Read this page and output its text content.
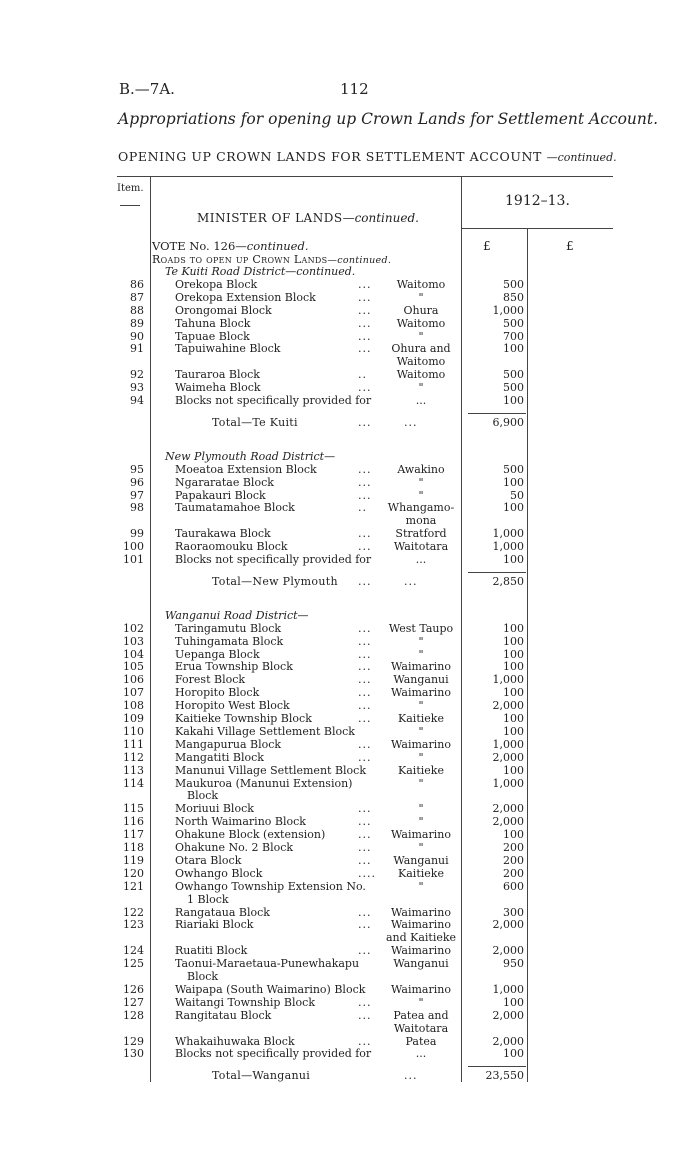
B.—7A.	112
Appropriations for opening up Crown Lands for Settlement Account.
OPENING UP CROWN LANDS FOR SETTLEMENT ACCOUNT —continued.
Item.
1912–13.
MINISTER OF LANDS—continued.
VOTE No. 126—continued.
Roads to open up Crown Lands—continued.
£	£
Te Kuiti Road District—continued.
86	Orekopa Block	...	Waitomo	500
87	Orekopa Extension Block	...	"	850
88	Orongomai Block	...	Ohura	1,000
89	Tahuna Block	...	Waitomo	500
90	Tapuae Block	...	"	700
91	Tapuiwahine Block	...	Ohura and	100
Waitomo
92	Tauraroa Block	..	Waitomo	500
93	Waimeha Block	...	"	500
94	Blocks not specifically provided for	...	100
Total—Te Kuiti	...	...	6,900
New Plymouth Road District—
95	Moeatoa Extension Block	...	Awakino	500
96	Ngararatae Block	...	"	100
97	Papakauri Block	...	"	50
98	Taumatamahoe Block	..	Whangamo-	100
mona
99	Taurakawa Block	...	Stratford	1,000
100	Raoraomouku Block	...	Waitotara	1,000
101	Blocks not specifically provided for	...	100
Total—New Plymouth ...	...	2,850
Wanganui Road District—
102	Taringamutu Block	...	West Taupo	100
103	Tuhingamata Block	...	"	100
104	Uepanga Block	...	"	100
105	Erua Township Block	...	Waimarino	100
106	Forest Block	...	Wanganui	1,000
107	Horopito Block	...	Waimarino	100
108	Horopito West Block	...	"	2,000
109	Kaitieke Township Block	...	Kaitieke	100
110	Kakahi Village Settlement Block	"	100
111	Mangapurua Block	...	Waimarino	1,000
112	Mangatiti Block	...	"	2,000
113	Manunui Village Settlement Block	Kaitieke	100
114	Maukuroa (Manunui Extension)	"	1,000
Block
115	Moriuui Block	...	"	2,000
116	North Waimarino Block	...	"	2,000
117	Ohakune Block (extension)	...	Waimarino	100
118	Ohakune No. 2 Block	...	"	200
119	Otara Block	...	Wanganui	200
120	Owhango Block	....	Kaitieke	200
121	Owhango Township Extension No.	"	600
1 Block
122	Rangataua Block	...	Waimarino	300
123	Riariaki Block	...	Waimarino	2,000
and Kaitieke
124	Ruatiti Block	...	Waimarino	2,000
125	Taonui-Maraetaua-Punewhakapu	Wanganui	950
Block
126	Waipapa (South Waimarino) Block	Waimarino	1,000
127	Waitangi Township Block	...	"	100
128	Rangitatau Block	...	Patea and	2,000
Waitotara
129	Whakaihuwaka Block	...	Patea	2,000
130	Blocks not specifically provided for	...	100
Total—Wanganui	...	23,550
